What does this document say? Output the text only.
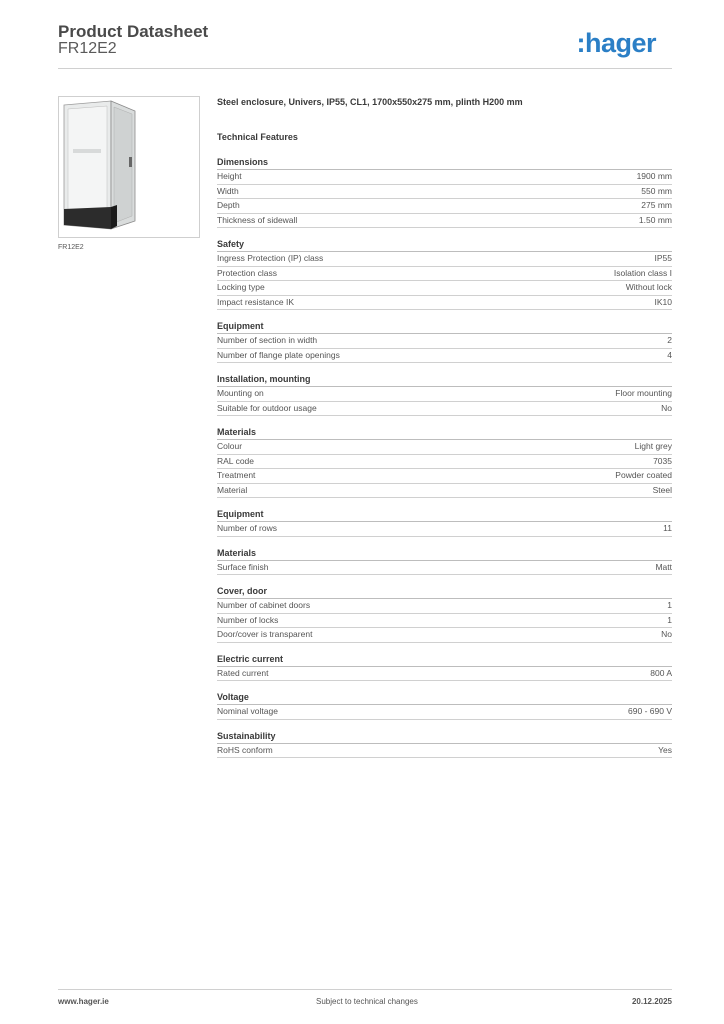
Product Datasheet
FR12E2	:hager
FR12E2
Steel enclosure, Univers, IP55, CL1, 1700x550x275 mm, plinth H200 mm
Technical Features
Dimensions
Height	1900 mm
Width	550 mm
Depth	275 mm
Thickness of sidewall	1.50 mm
Safety
Ingress Protection (IP) class	IP55
Protection class	Isolation class I
Locking type	Without lock
Impact resistance IK	IK10
Equipment
Number of section in width	2
Number of flange plate openings	4
Installation, mounting
Mounting on	Floor mounting
Suitable for outdoor usage	No
Materials
Colour	Light grey
RAL code	7035
Treatment	Powder coated
Material	Steel
Equipment
Number of rows	11
Materials
Surface finish	Matt
Cover, door
Number of cabinet doors	1
Number of locks	1
Door/cover is transparent	No
Electric current
Rated current	800 A
Voltage
Nominal voltage	690 - 690 V
Sustainability
RoHS conform	Yes
www.hager.ie	Subject to technical changes	20.12.2025
